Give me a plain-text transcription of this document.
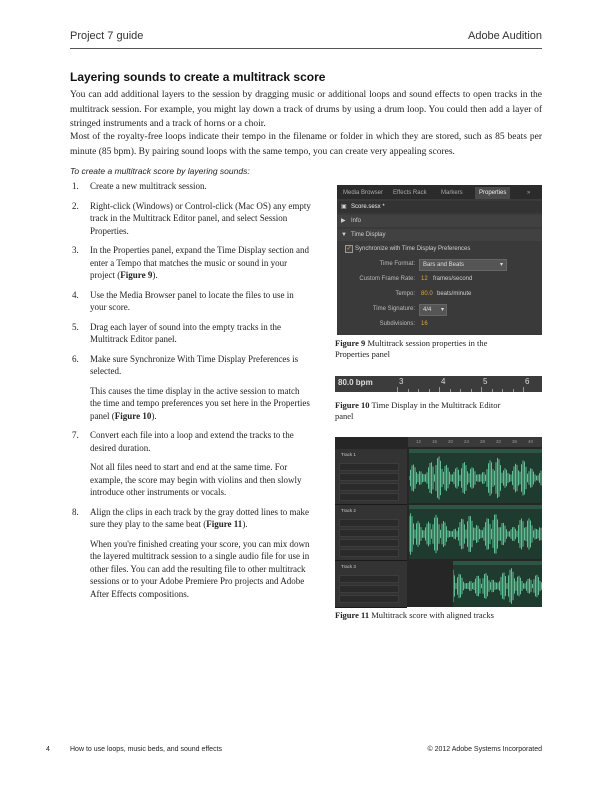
Project 7 guide	Adobe Audition
Layering sounds to create a multitrack score
You can add additional layers to the session by dragging music or additional loops and sound effects to open tracks in the multitrack session. For example, you might lay down a track of drums by using a drum loop. You could then add a layer of stringed instruments and a track of horns or a choir.
Most of the royalty-free loops indicate their tempo in the filename or folder in which they are stored, such as 85 beats per minute (85 bpm). By pairing sound loops with the same tempo, you can create very appealing scores.
To create a multitrack score by layering sounds:
1. Create a new multitrack session.
2. Right-click (Windows) or Control-click (Mac OS) any empty track in the Multitrack Editor panel, and select Session Properties.
3. In the Properties panel, expand the Time Display section and enter a Tempo that matches the music or sound in your project (Figure 9).
4. Use the Media Browser panel to locate the files to use in your score.
5. Drag each layer of sound into the empty tracks in the Multitrack Editor panel.
6. Make sure Synchronize With Time Display Preferences is selected.
This causes the time display in the active session to match the time and tempo preferences you set here in the Properties panel (Figure 10).
7. Convert each file into a loop and extend the tracks to the desired duration.
Not all files need to start and end at the same time. For example, the score may begin with violins and then slowly introduce other instruments or vocals.
8. Align the clips in each track by the gray dotted lines to make sure they play to the same beat (Figure 11).
When you're finished creating your score, you can mix down the layered multitrack session to a single audio file for use in other files. You can add the resulting file to other multitrack sessions or to your Adobe Premiere Pro projects and Adobe After Effects compositions.
Media Browser	Effects Rack	Markers	Properties	»
▣ Score.sesx *
▶ Info
▼ Time Display
✓ Synchronize with Time Display Preferences
Time Format:	Bars and Beats	▾
Custom Frame Rate: 12 frames/second
Tempo: 80.0 beats/minute
Time Signature:	4/4 ▾
Subdivisions: 16
Figure 9 Multitrack session properties in the Properties panel
80.0 bpm	3	4	5	6
Figure 10 Time Display in the Multitrack Editor panel
12 16 20 24 28 32 36 40
Track 1
Track 2
Track 3
Figure 11 Multitrack score with aligned tracks
4	How to use loops, music beds, and sound effects	© 2012 Adobe Systems Incorporated
